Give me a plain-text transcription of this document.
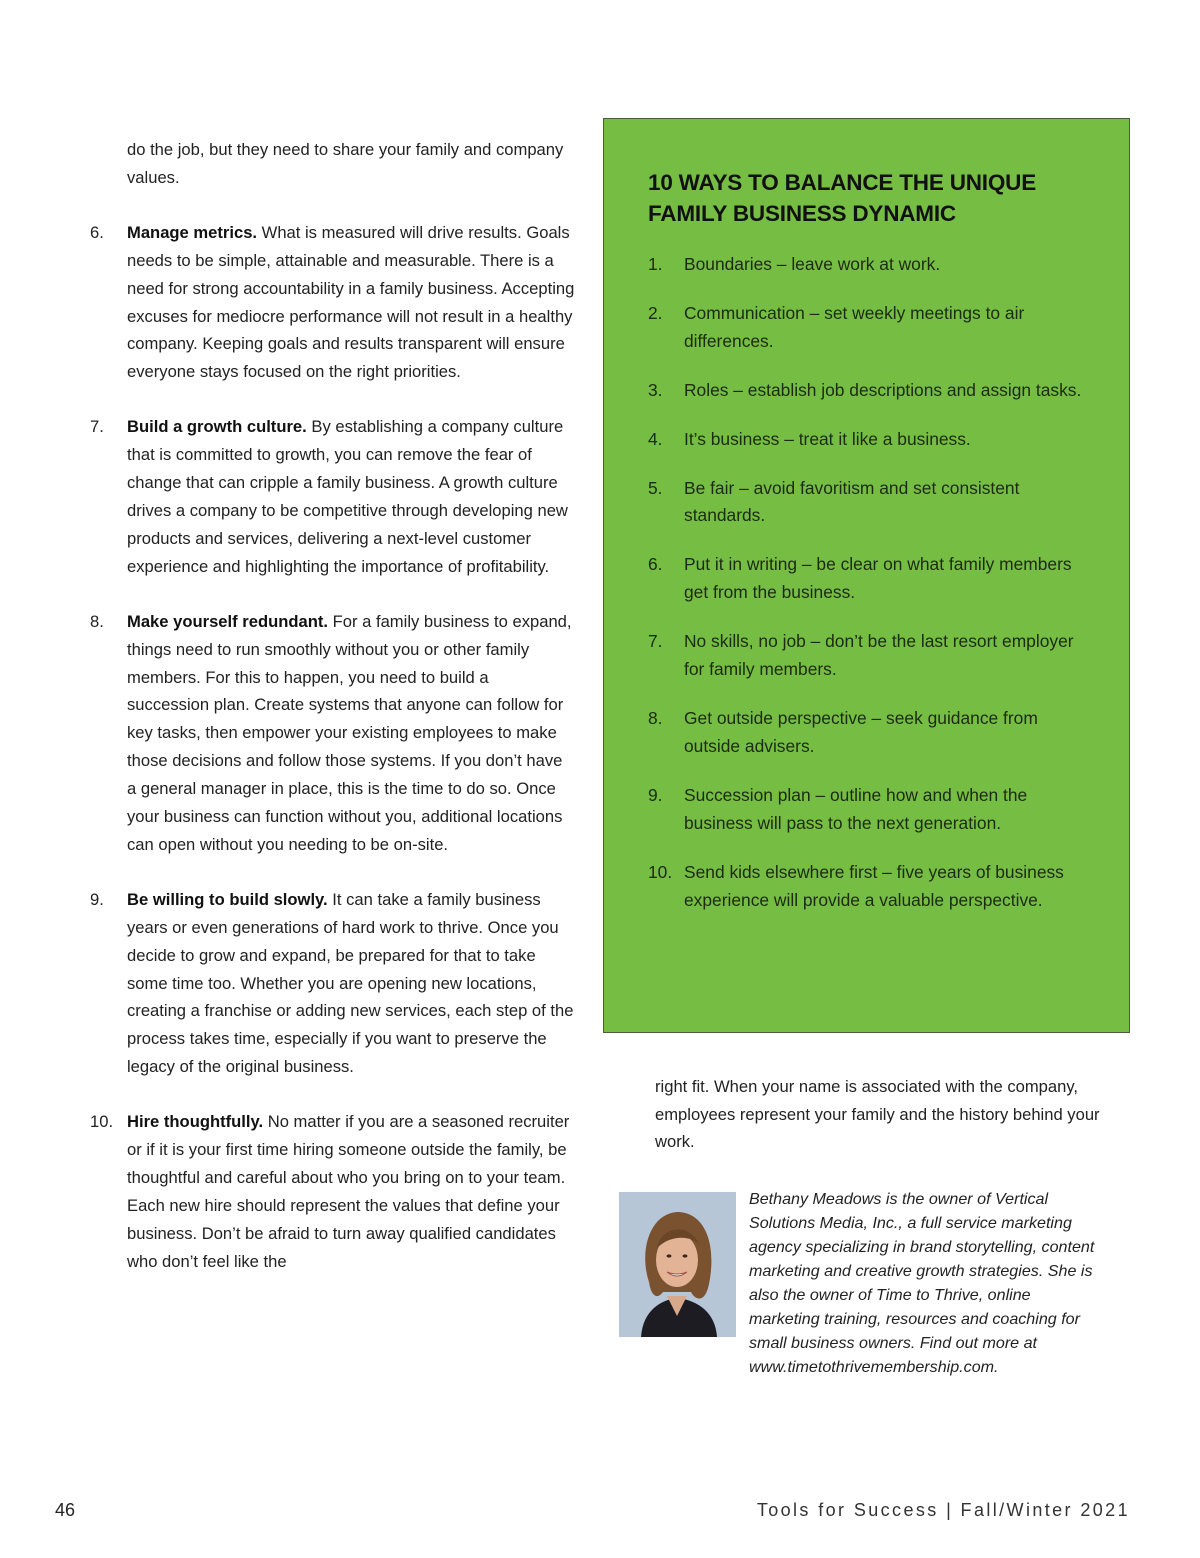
do the job, but they need to share your family and company values.

6.	Manage metrics. What is measured will drive results. Goals needs to be simple, attainable and measurable. There is a need for strong accountability in a family business. Accepting excuses for mediocre performance will not result in a healthy company. Keeping goals and results transparent will ensure everyone stays focused on the right priorities.

7.	Build a growth culture. By establishing a company culture that is committed to growth, you can remove the fear of change that can cripple a family business. A growth culture drives a company to be competitive through developing new products and services, delivering a next-level customer experience and highlighting the importance of profitability.

8.	Make yourself redundant. For a family business to expand, things need to run smoothly without you or other family members. For this to happen, you need to build a succession plan. Create systems that anyone can follow for key tasks, then empower your existing employees to make those decisions and follow those systems. If you don’t have a general manager in place, this is the time to do so. Once your business can function without you, additional locations can open without you needing to be on-site.

9.	Be willing to build slowly. It can take a family business years or even generations of hard work to thrive. Once you decide to grow and expand, be prepared for that to take some time too. Whether you are opening new locations, creating a franchise or adding new services, each step of the process takes time, especially if you want to preserve the legacy of the original business.

10. Hire thoughtfully. No matter if you are a seasoned recruiter or if it is your first time hiring someone outside the family, be thoughtful and careful about who you bring on to your team. Each new hire should represent the values that define your business. Don’t be afraid to turn away qualified candidates who don’t feel like the

10 WAYS TO BALANCE THE UNIQUE FAMILY BUSINESS DYNAMIC
1.	Boundaries – leave work at work.
2.	Communication – set weekly meetings to air differences.
3.	Roles – establish job descriptions and assign tasks.
4.	It’s business – treat it like a business.
5.	Be fair – avoid favoritism and set consistent standards.
6.	Put it in writing – be clear on what family members get from the business.
7.	No skills, no job – don’t be the last resort employer for family members.
8.	Get outside perspective – seek guidance from outside advisers.
9.	Succession plan – outline how and when the business will pass to the next generation.
10. Send kids elsewhere first – five years of business experience will provide a valuable perspective.

right fit. When your name is associated with the company, employees represent your family and the history behind your work.

Bethany Meadows is the owner of Vertical Solutions Media, Inc., a full service marketing agency specializing in brand storytelling, content marketing and creative growth strategies. She is also the owner of Time to Thrive, online marketing training, resources and coaching for small business owners. Find out more at www.timetothrivemembership.com.

46	Tools for Success | Fall/Winter 2021
